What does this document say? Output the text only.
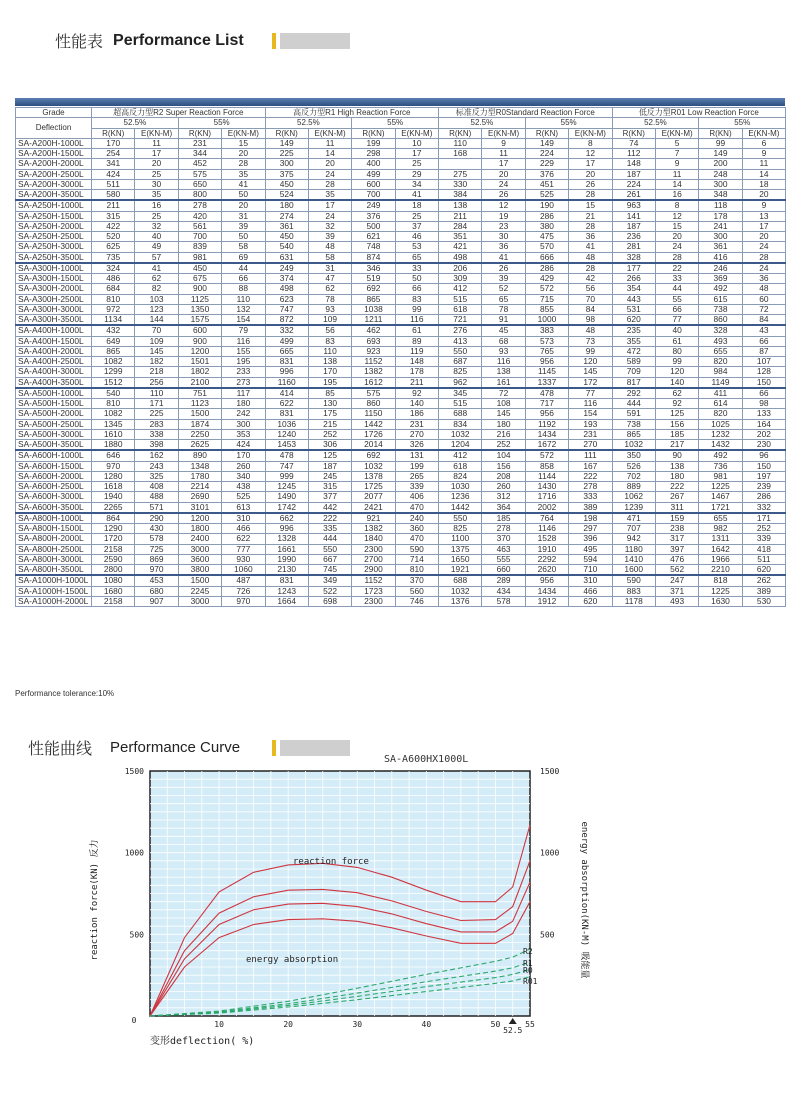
性能表 Performance List
Grade	超高反力型R2 Super Reaction Force				高反力型R1 High Reaction Force				标准反力型R0Standard Reaction Force				低反力型R01 Low Reaction Force			
Deflection	52.5%		55%		52.5%		55%		52.5%		55%		52.5%		55%	
	R(KN)	E(KN-M)	R(KN)	E(KN-M)	R(KN)	E(KN-M)	R(KN)	E(KN-M)	R(KN)	E(KN-M)	R(KN)	E(KN-M)	R(KN)	E(KN-M)	R(KN)	E(KN-M)
SA-A200H-1000L	170	11	231	15	149	11	199	10	110	9	149	8	74	5	99	6
SA-A200H-1500L	254	17	344	20	225	14	298	17	168	11	224	12	112	7	149	9
SA-A200H-2000L	341	20	452	28	300	20	400	25		17	229	17	148	9	200	11
SA-A200H-2500L	424	25	575	35	375	24	499	29	275	20	376	20	187	11	248	14
SA-A200H-3000L	511	30	650	41	450	28	600	34	330	24	451	26	224	14	300	18
SA-A200H-3500L	580	35	800	50	524	35	700	41	384	26	525	28	261	16	348	20
SA-A250H-1000L	211	16	278	20	180	17	249	18	138	12	190	15	963	8	118	9
SA-A250H-1500L	315	25	420	31	274	24	376	25	211	19	286	21	141	12	178	13
SA-A250H-2000L	422	32	561	39	361	32	500	37	284	23	380	28	187	15	241	17
SA-A250H-2500L	520	40	700	50	450	39	621	46	351	30	475	36	236	20	300	20
SA-A250H-3000L	625	49	839	58	540	48	748	53	421	36	570	41	281	24	361	24
SA-A250H-3500L	735	57	981	69	631	58	874	65	498	41	666	48	328	28	416	28
SA-A300H-1000L	324	41	450	44	249	31	346	33	206	26	286	28	177	22	246	24
SA-A300H-1500L	486	62	675	66	374	47	519	50	309	39	429	42	266	33	369	36
SA-A300H-2000L	684	82	900	88	498	62	692	66	412	52	572	56	354	44	492	48
SA-A300H-2500L	810	103	1125	110	623	78	865	83	515	65	715	70	443	55	615	60
SA-A300H-3000L	972	123	1350	132	747	93	1038	99	618	78	855	84	531	66	738	72
SA-A300H-3500L	1134	144	1575	154	872	109	1211	116	721	91	1000	98	620	77	860	84
SA-A400H-1000L	432	70	600	79	332	56	462	61	276	45	383	48	235	40	328	43
SA-A400H-1500L	649	109	900	116	499	83	693	89	413	68	573	73	355	61	493	66
SA-A400H-2000L	865	145	1200	155	665	110	923	119	550	93	765	99	472	80	655	87
SA-A400H-2500L	1082	182	1501	195	831	138	1152	148	687	116	956	120	589	99	820	107
SA-A400H-3000L	1299	218	1802	233	996	170	1382	178	825	138	1145	145	709	120	984	128
SA-A400H-3500L	1512	256	2100	273	1160	195	1612	211	962	161	1337	172	817	140	1149	150
SA-A500H-1000L	540	110	751	117	414	85	575	92	345	72	478	77	292	62	411	66
SA-A500H-1500L	810	171	1123	180	622	130	860	140	515	108	717	116	444	92	614	98
SA-A500H-2000L	1082	225	1500	242	831	175	1150	186	688	145	956	154	591	125	820	133
SA-A500H-2500L	1345	283	1874	300	1036	215	1442	231	834	180	1192	193	738	156	1025	164
SA-A500H-3000L	1610	338	2250	353	1240	252	1726	270	1032	216	1434	231	865	185	1232	202
SA-A500H-3500L	1880	398	2625	424	1453	306	2014	326	1204	252	1672	270	1032	217	1432	230
SA-A600H-1000L	646	162	890	170	478	125	692	131	412	104	572	111	350	90	492	96
SA-A600H-1500L	970	243	1348	260	747	187	1032	199	618	156	858	167	526	138	736	150
SA-A600H-2000L	1280	325	1780	340	999	245	1378	265	824	208	1144	222	702	180	981	197
SA-A600H-2500L	1618	408	2214	438	1245	315	1725	339	1030	260	1430	278	889	222	1225	239
SA-A600H-3000L	1940	488	2690	525	1490	377	2077	406	1236	312	1716	333	1062	267	1467	286
SA-A600H-3500L	2265	571	3101	613	1742	442	2421	470	1442	364	2002	389	1239	311	1721	332
SA-A800H-1000L	864	290	1200	310	662	222	921	240	550	185	764	198	471	159	655	171
SA-A800H-1500L	1290	430	1800	466	996	335	1382	360	825	278	1146	297	707	238	982	252
SA-A800H-2000L	1720	578	2400	622	1328	444	1840	470	1100	370	1528	396	942	317	1311	339
SA-A800H-2500L	2158	725	3000	777	1661	550	2300	590	1375	463	1910	495	1180	397	1642	418
SA-A800H-3000L	2590	869	3600	930	1990	667	2700	714	1650	555	2292	594	1410	476	1966	511
SA-A800H-3500L	2800	970	3800	1060	2130	745	2900	810	1921	660	2620	710	1600	562	2210	620
SA-A1000H-1000L	1080	453	1500	487	831	349	1152	370	688	289	956	310	590	247	818	262
SA-A1000H-1500L	1680	680	2245	726	1243	522	1723	560	1032	434	1434	466	883	371	1225	389
SA-A1000H-2000L	2158	907	3000	970	1664	698	2300	746	1376	578	1912	620	1178	493	1630	530
Performance tolerance:10%
性能曲线 Performance Curve
SA-A600HX1000L
0	10	20	30	40	50
52.5
55
500
1000
1500
500
1000
1500
变形deflection( %)
reaction force(KN) 反力	energy absorption(KN-M) 吸能量
reaction force
energy absorption
R2
R1
R0
R01
